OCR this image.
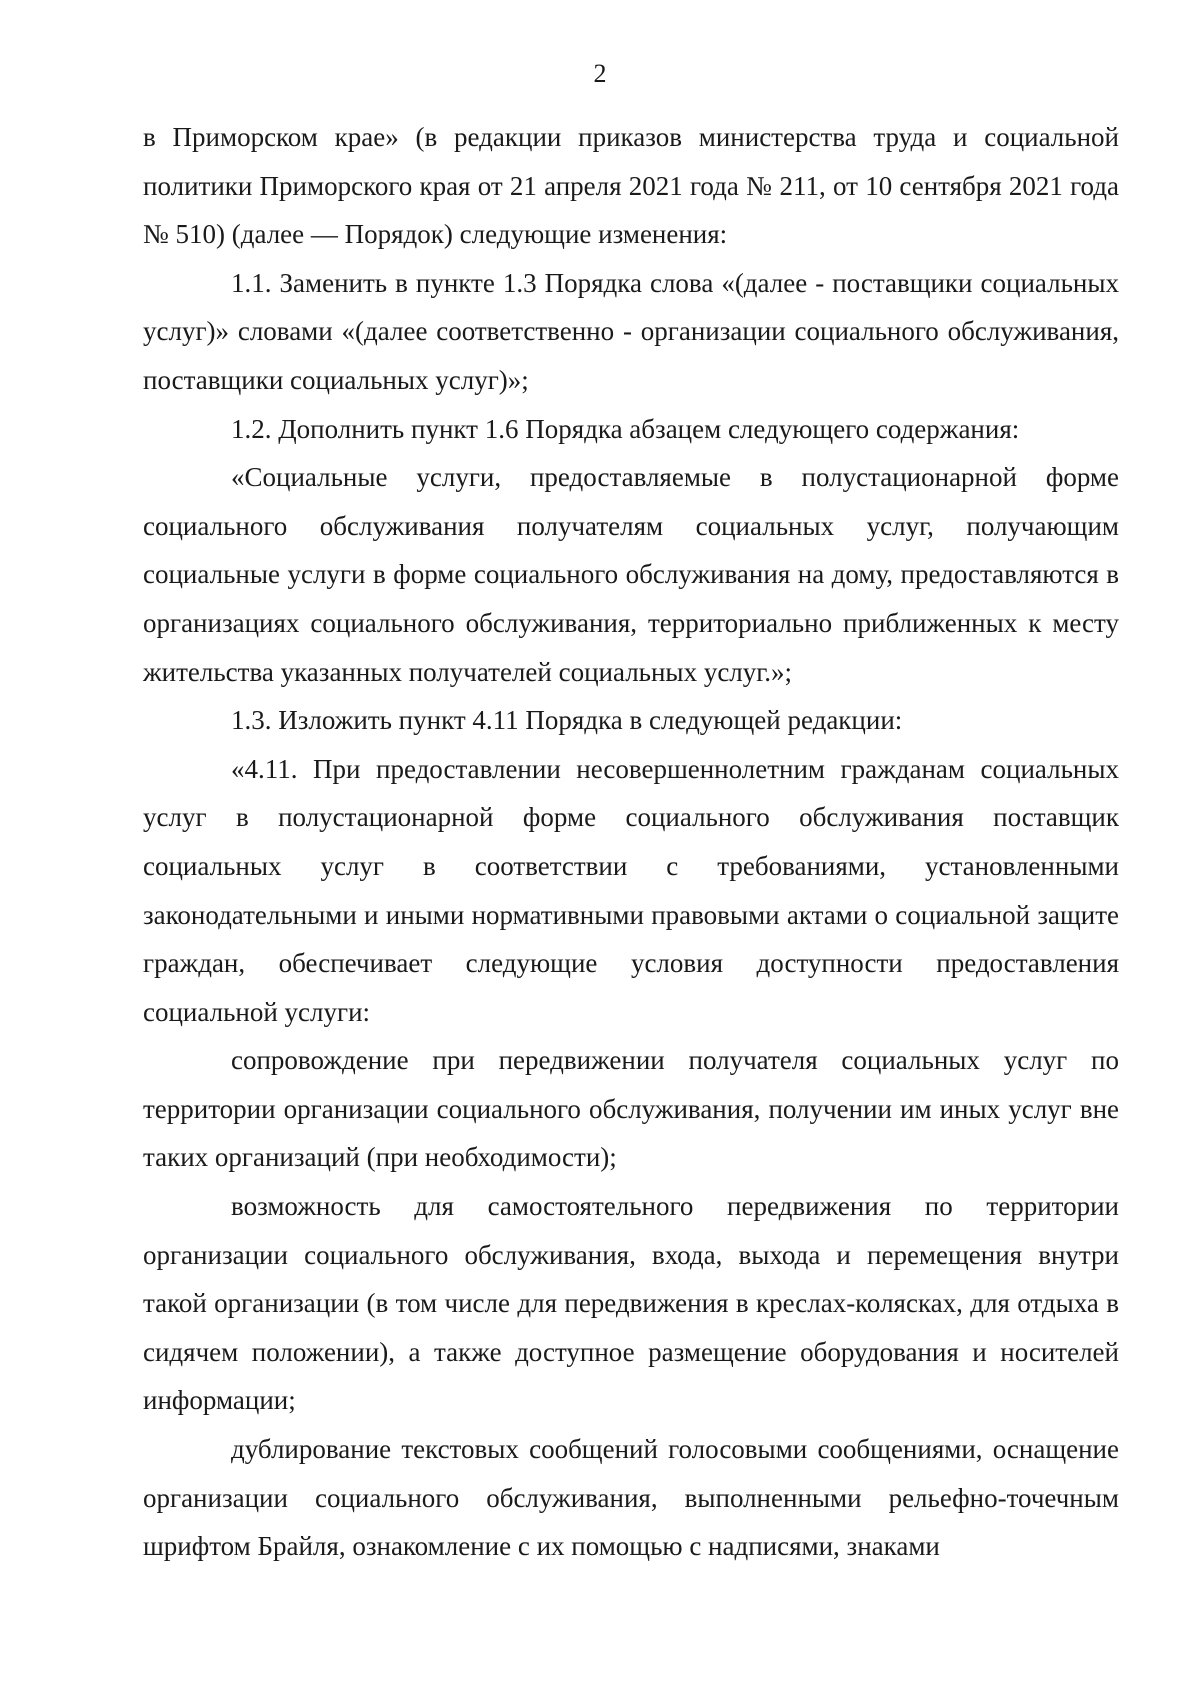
2

в Приморском крае» (в редакции приказов министерства труда и социальной политики Приморского края от 21 апреля 2021 года № 211, от 10 сентября 2021 года № 510) (далее — Порядок) следующие изменения:

1.1. Заменить в пункте 1.3 Порядка слова «(далее - поставщики социальных услуг)» словами «(далее соответственно - организации социального обслуживания, поставщики социальных услуг)»;

1.2. Дополнить пункт 1.6 Порядка абзацем следующего содержания:

«Социальные услуги, предоставляемые в полустационарной форме социального обслуживания получателям социальных услуг, получающим социальные услуги в форме социального обслуживания на дому, предоставляются в организациях социального обслуживания, территориально приближенных к месту жительства указанных получателей социальных услуг.»;

1.3. Изложить пункт 4.11 Порядка в следующей редакции:

«4.11. При предоставлении несовершеннолетним гражданам социальных услуг в полустационарной форме социального обслуживания поставщик социальных услуг в соответствии с требованиями, установленными законодательными и иными нормативными правовыми актами о социальной защите граждан, обеспечивает следующие условия доступности предоставления социальной услуги:

сопровождение при передвижении получателя социальных услуг по территории организации социального обслуживания, получении им иных услуг вне таких организаций (при необходимости);

возможность для самостоятельного передвижения по территории организации социального обслуживания, входа, выхода и перемещения внутри такой организации (в том числе для передвижения в креслах-колясках, для отдыха в сидячем положении), а также доступное размещение оборудования и носителей информации;

дублирование текстовых сообщений голосовыми сообщениями, оснащение организации социального обслуживания, выполненными рельефно-точечным шрифтом Брайля, ознакомление с их помощью с надписями, знаками
